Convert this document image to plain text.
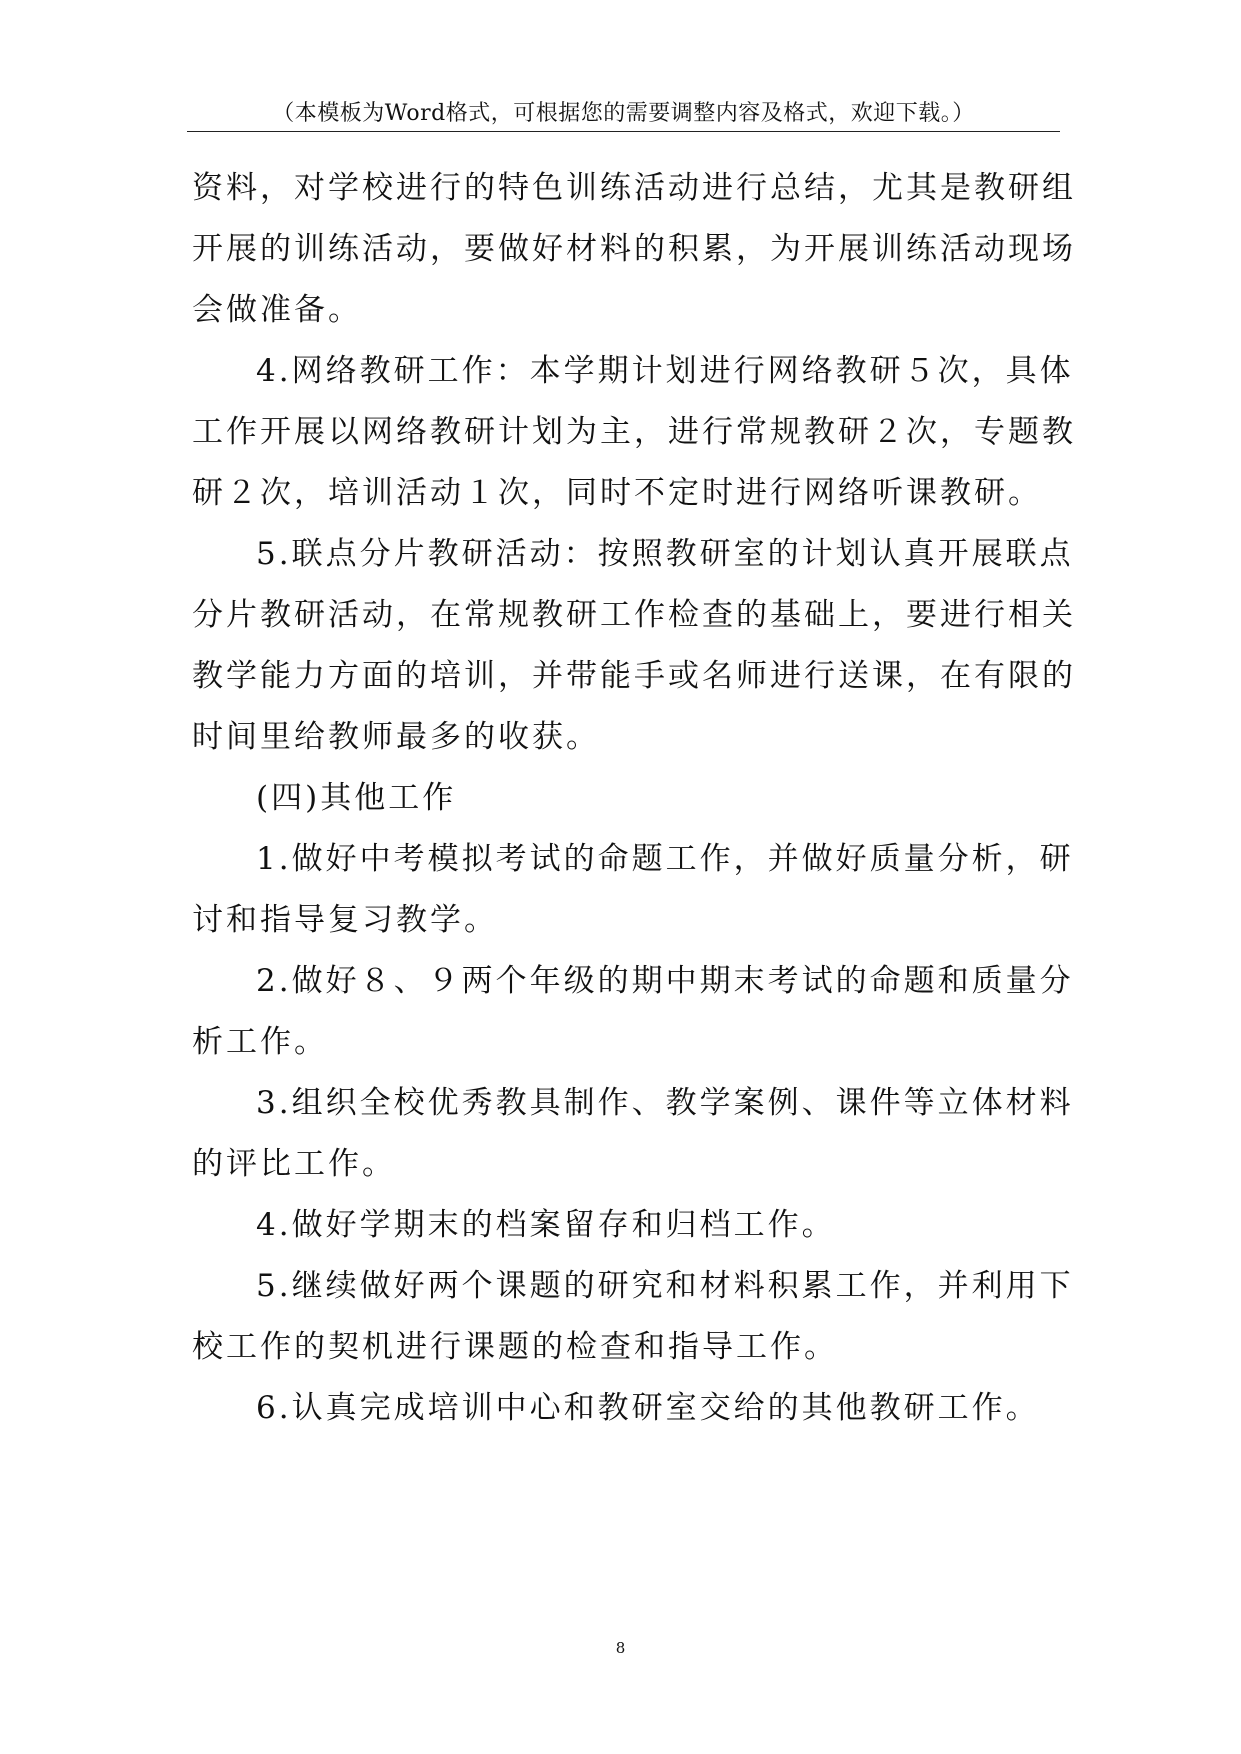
（本模板为Word格式，可根据您的需要调整内容及格式，欢迎下载。）

资料，对学校进行的特色训练活动进行总结，尤其是教研组
开展的训练活动，要做好材料的积累，为开展训练活动现场
会做准备。

4.网络教研工作：本学期计划进行网络教研５次，具体
工作开展以网络教研计划为主，进行常规教研２次，专题教
研２次，培训活动１次，同时不定时进行网络听课教研。

5.联点分片教研活动：按照教研室的计划认真开展联点
分片教研活动，在常规教研工作检查的基础上，要进行相关
教学能力方面的培训，并带能手或名师进行送课，在有限的
时间里给教师最多的收获。

(四)其他工作

1.做好中考模拟考试的命题工作，并做好质量分析，研
讨和指导复习教学。

2.做好８、９两个年级的期中期末考试的命题和质量分
析工作。

3.组织全校优秀教具制作、教学案例、课件等立体材料
的评比工作。

4.做好学期末的档案留存和归档工作。

5.继续做好两个课题的研究和材料积累工作，并利用下
校工作的契机进行课题的检查和指导工作。

6.认真完成培训中心和教研室交给的其他教研工作。

8
